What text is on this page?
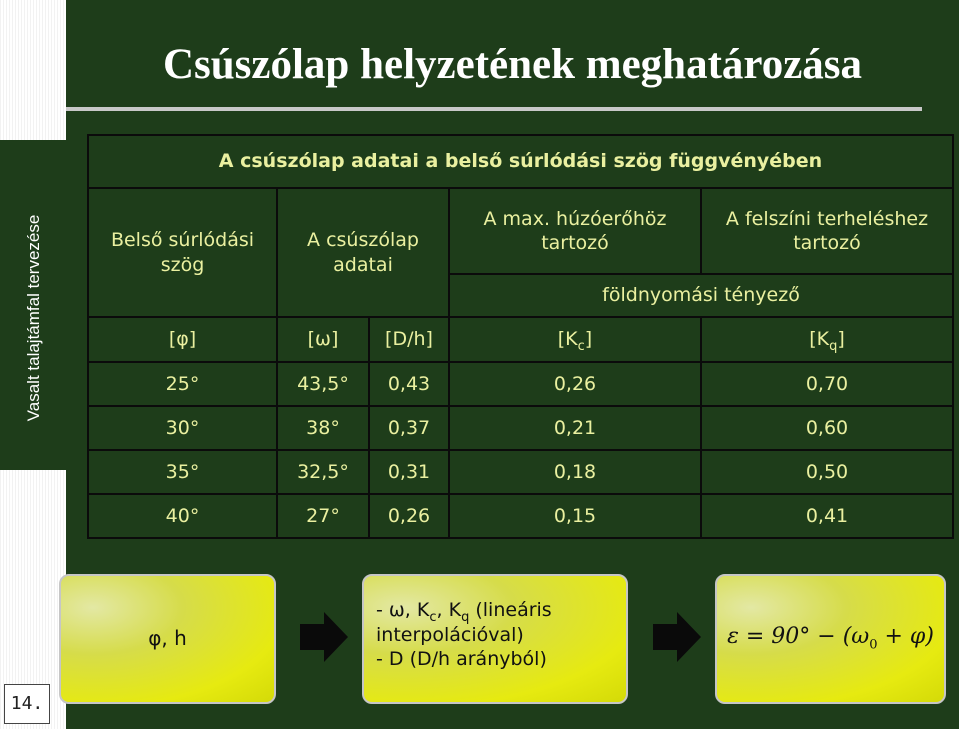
Vasalt talajtámfal tervezése
Csúszólap helyzetének meghatározása
A csúszólap adatai a belső súrlódási szög függvényében				
Belső súrlódási szög	A csúszólap adatai		A max. húzóerőhöz tartozó	A felszíni terheléshez tartozó
			földnyomási tényező	
[φ]	[ω]	[D/h]	$[K_c]$	$[K_q]$
25°	43,5°	0,43	0,26	0,70
30°	38°	0,37	0,21	0,60
35°	32,5°	0,31	0,18	0,50
40°	27°	0,26	0,15	0,41
φ, h
- ω, $K_c$, $K_q$ (lineáris
interpolációval)
- D (D/h arányból)
$\varepsilon = 90^\circ - (\omega_0 + \varphi)$
14.
